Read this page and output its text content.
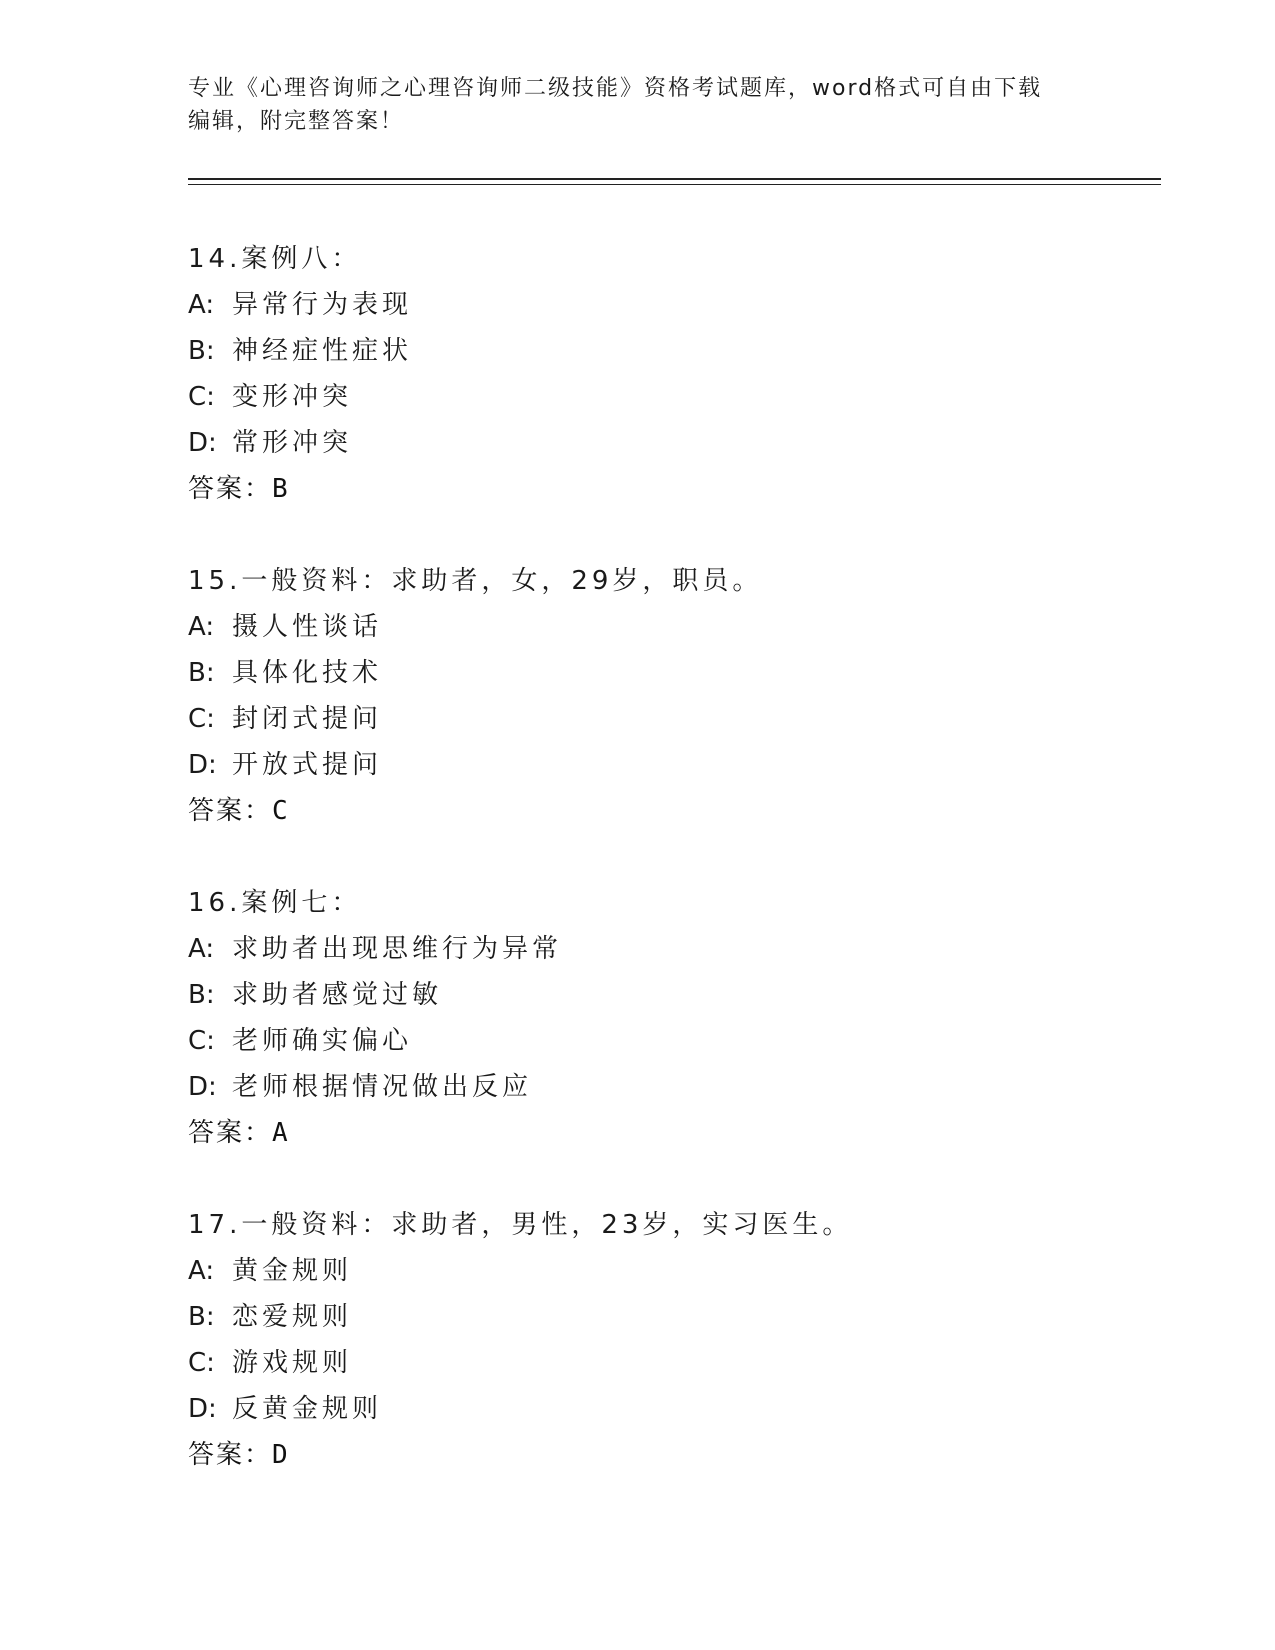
专业《心理咨询师之心理咨询师二级技能》资格考试题库，word格式可自由下载
编辑，附完整答案！
14.案例八：
A: 异常行为表现
B: 神经症性症状
C: 变形冲突
D: 常形冲突
答案：B
15.一般资料：求助者，女，29岁，职员。
A: 摄人性谈话
B: 具体化技术
C: 封闭式提问
D: 开放式提问
答案：C
16.案例七：
A: 求助者出现思维行为异常
B: 求助者感觉过敏
C: 老师确实偏心
D: 老师根据情况做出反应
答案：A
17.一般资料：求助者，男性，23岁，实习医生。
A: 黄金规则
B: 恋爱规则
C: 游戏规则
D: 反黄金规则
答案：D
